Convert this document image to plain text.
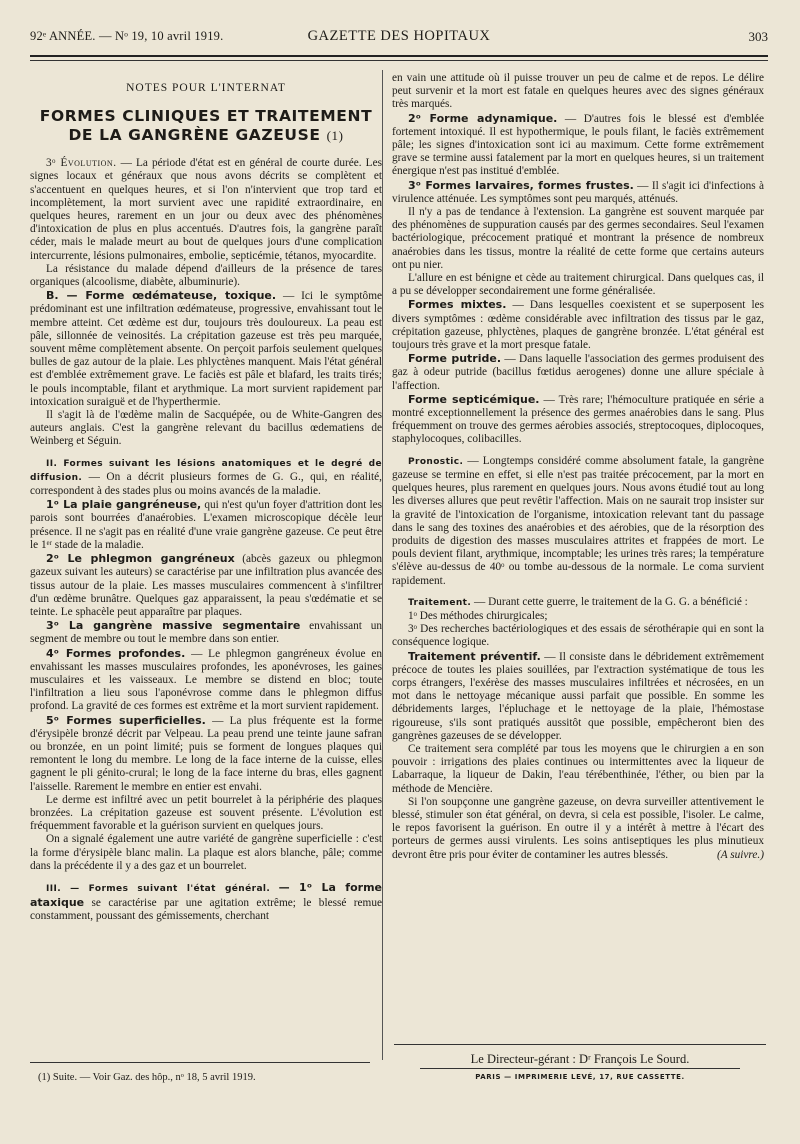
92ᵉ ANNÉE. — Nᵒ 19, 10 avril 1919.	GAZETTE DES HOPITAUX	303
NOTES POUR L'INTERNAT
FORMES CLINIQUES ET TRAITEMENT DE LA GANGRÈNE GAZEUSE (1)

3ᵒ Évolution. — La période d'état est en général de courte durée. Les signes locaux et généraux que nous avons décrits se complètent et s'accentuent en quelques heures, et si l'on n'intervient que trop tard et incomplètement, la mort survient avec une rapidité extraordinaire, en quelques heures, rarement en un jour ou deux avec des phénomènes d'intoxication de plus en plus accentués. D'autres fois, la gangrène paraît céder, mais le malade meurt au bout de quelques jours d'une complication intercurrente, lésions pulmonaires, embolie, septicémie, tétanos, myocardite.

La résistance du malade dépend d'ailleurs de la présence de tares organiques (alcoolisme, diabète, albuminurie).

B. — Forme œdémateuse, toxique. — Ici le symptôme prédominant est une infiltration œdémateuse, progressive, envahissant tout le membre atteint. Cet œdème est dur, toujours très douloureux. La peau est pâle, sillonnée de veinosités. La crépitation gazeuse est très peu marquée, souvent même complètement absente. On perçoit parfois seulement quelques bulles de gaz autour de la plaie. Les phlyctènes manquent. Mais l'état général est d'emblée extrêmement grave. Le faciès est pâle et blafard, les traits tirés; le pouls incomptable, filant et arythmique. La mort survient rapidement par intoxication suraiguë et de l'hyperthermie.

Il s'agit là de l'œdème malin de Sacquépée, ou de White-Gangren des auteurs anglais. C'est la gangrène relevant du bacillus œdematiens de Weinberg et Séguin.

II. Formes suivant les lésions anatomiques et le degré de diffusion. — On a décrit plusieurs formes de G. G., qui, en réalité, correspondent à des stades plus ou moins avancés de la maladie.

1ᵒ La plaie gangréneuse, qui n'est qu'un foyer d'attrition dont les parois sont bourrées d'anaérobies. L'examen microscopique décèle leur présence. Il ne s'agit pas en réalité d'une vraie gangrène gazeuse. Ce peut être le 1ᵉʳ stade de la maladie.

2ᵒ Le phlegmon gangréneux (abcès gazeux ou phlegmon gazeux suivant les auteurs) se caractérise par une infiltration plus avancée des tissus autour de la plaie. Les masses musculaires commencent à s'infiltrer d'un œdème brunâtre. Quelques gaz apparaissent, la peau s'œdématie et se teinte. Le sphacèle peut apparaître par plaques.

3ᵒ La gangrène massive segmentaire envahissant un segment de membre ou tout le membre dans son entier.

4ᵒ Formes profondes. — Le phlegmon gangréneux évolue en envahissant les masses musculaires profondes, les aponévroses, les gaines musculaires et les vaisseaux. Le membre se distend en bloc; toute l'infiltration a lieu sous l'aponévrose comme dans le phlegmon diffus profond. La gravité de ces formes est extrême et la mort survient rapidement.

5ᵒ Formes superficielles. — La plus fréquente est la forme d'érysipèle bronzé décrit par Velpeau. La peau prend une teinte jaune safran ou bronzée, en un point limité; puis se forment de longues plaques qui remontent le long du membre. Le long de la face interne de la cuisse, elles gagnent le pli génito-crural; le long de la face interne du bras, elles gagnent l'aisselle. Rarement le membre en entier est envahi.

Le derme est infiltré avec un petit bourrelet à la périphérie des plaques bronzées. La crépitation gazeuse est souvent présente. L'évolution est fréquemment favorable et la guérison survient en quelques jours.

On a signalé également une autre variété de gangrène superficielle : c'est la forme d'érysipèle blanc malin. La plaque est alors blanche, pâle; comme dans la précédente il y a des gaz et un bourrelet.

III. — Formes suivant l'état général. — 1ᵒ La forme ataxique se caractérise par une agitation extrême; le blessé remue constamment, poussant des gémissements, cherchant

en vain une attitude où il puisse trouver un peu de calme et de repos. Le délire peut survenir et la mort est fatale en quelques heures avec des signes généraux très marqués.

2ᵒ Forme adynamique. — D'autres fois le blessé est d'emblée fortement intoxiqué. Il est hypothermique, le pouls filant, le faciès extrêmement pâle; les signes d'intoxication sont ici au maximum. Cette forme extrêmement grave se termine aussi fatalement par la mort en quelques heures, si un traitement énergique n'est pas institué d'emblée.

3ᵒ Formes larvaires, formes frustes. — Il s'agit ici d'infections à virulence atténuée. Les symptômes sont peu marqués, atténués.

Il n'y a pas de tendance à l'extension. La gangrène est souvent marquée par des phénomènes de suppuration causés par des germes secondaires. Seul l'examen bactériologique, précocement pratiqué et montrant la présence de nombreux anaérobies dans les tissus, montre la réalité de cette forme que certains auteurs ont pu nier.

L'allure en est bénigne et cède au traitement chirurgical. Dans quelques cas, il a pu se développer secondairement une forme généralisée.

Formes mixtes. — Dans lesquelles coexistent et se superposent les divers symptômes : œdème considérable avec infiltration des tissus par le gaz, crépitation gazeuse, phlyctènes, plaques de gangrène bronzée. L'état général est toujours très grave et la mort presque fatale.

Forme putride. — Dans laquelle l'association des germes produisent des gaz à odeur putride (bacillus fœtidus aerogenes) donne une allure spéciale à l'affection.

Forme septicémique. — Très rare; l'hémoculture pratiquée en série a montré exceptionnellement la présence des germes anaérobies dans le sang. Plus fréquemment on trouve des germes aérobies associés, streptocoques, diplocoques, staphylocoques, colibacilles.

Pronostic. — Longtemps considéré comme absolument fatale, la gangrène gazeuse se termine en effet, si elle n'est pas traitée précocement, par la mort en quelques heures, plus rarement en quelques jours. Nous avons étudié tout au long les diverses allures que peut revêtir l'affection. Mais on ne saurait trop insister sur la gravité de l'intoxication de l'organisme, intoxication relevant tant du passage dans le sang des toxines des anaérobies et des aérobies, que de la résorption des produits de digestion des masses musculaires attrites et frappées de mort. Le pouls devient filant, arythmique, incomptable; les urines très rares; la température s'élève au-dessus de 40ᵒ ou tombe au-dessous de la normale. Le coma survient rapidement.

Traitement. — Durant cette guerre, le traitement de la G. G. a bénéficié :

1ᵒ Des méthodes chirurgicales;

3ᵒ Des recherches bactériologiques et des essais de sérothérapie qui en sont la conséquence logique.

Traitement préventif. — Il consiste dans le débridement extrêmement précoce de toutes les plaies souillées, par l'extraction systématique de tous les corps étrangers, l'exérèse des masses musculaires infiltrées et nécrosées, en un mot dans le nettoyage mécanique aussi parfait que possible. En somme les débridements larges, l'épluchage et le nettoyage de la plaie, l'hémostase rigoureuse, s'ils sont pratiqués aussitôt que possible, empêcheront bien des gangrènes gazeuses de se développer.

Ce traitement sera complété par tous les moyens que le chirurgien a en son pouvoir : irrigations des plaies continues ou intermittentes avec la liqueur de Labarraque, la liqueur de Dakin, l'eau térébenthinée, l'éther, ou bien par la méthode de Mencière.

Si l'on soupçonne une gangrène gazeuse, on devra surveiller attentivement le blessé, stimuler son état général, on devra, si cela est possible, l'isoler. Le calme, le repos favorisent la guérison. En outre il y a intérêt à mettre à l'écart des porteurs de germes aussi virulents. Les soins antiseptiques les plus minutieux devront être pris pour éviter de contaminer les autres blessés.	(A suivre.)

(1) Suite. — Voir Gaz. des hôp., nᵒ 18, 5 avril 1919.
Le Directeur-gérant : Dʳ François Le Sourd.
PARIS — IMPRIMERIE LEVÉ, 17, RUE CASSETTE.
